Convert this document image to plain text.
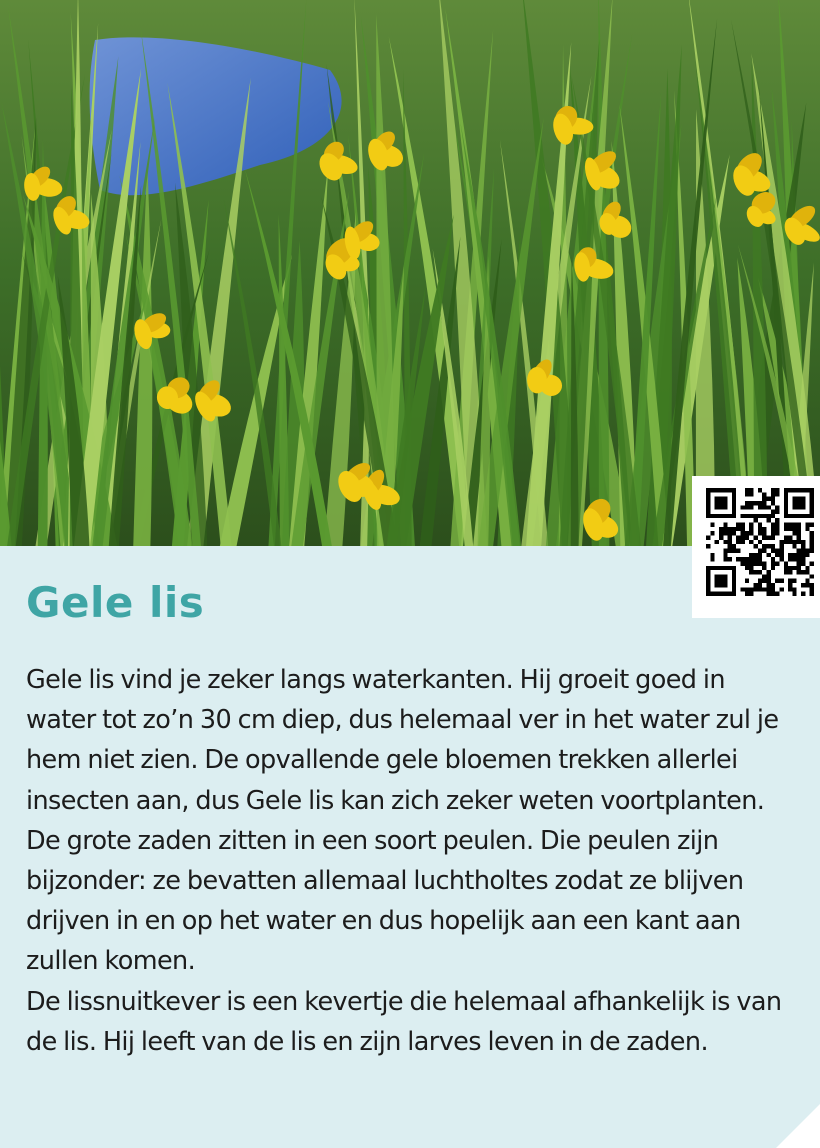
Gele lis

Gele lis vind je zeker langs waterkanten. Hij groeit goed in water tot zo’n 30 cm diep, dus helemaal ver in het water zul je hem niet zien. De opvallende gele bloemen trekken allerlei insecten aan, dus Gele lis kan zich zeker weten voortplanten.

De grote zaden zitten in een soort peulen. Die peulen zijn bijzonder: ze bevatten allemaal luchtholtes zodat ze blijven drijven in en op het water en dus hopelijk aan een kant aan zullen komen.

De lissnuitkever is een kevertje die helemaal afhankelijk is van de lis. Hij leeft van de lis en zijn larves leven in de zaden.
